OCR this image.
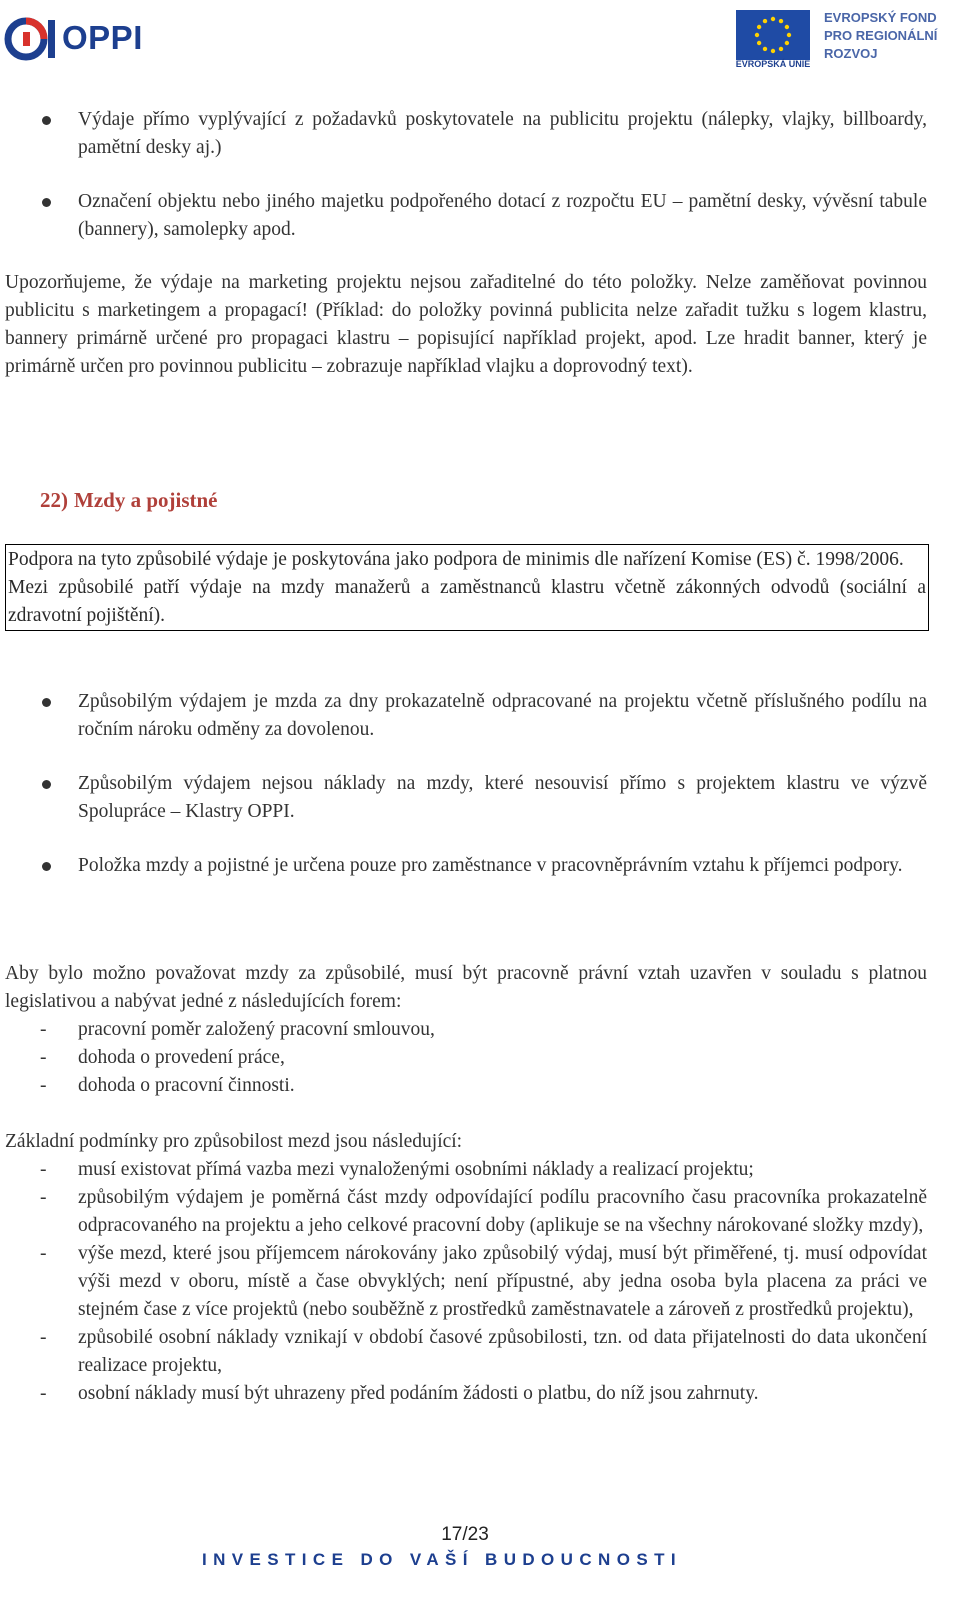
OPPI
EVROPSKÁ UNIE
EVROPSKÝ FOND
PRO REGIONÁLNÍ
ROZVOJ
Výdaje přímo vyplývající z požadavků poskytovatele na publicitu projektu (nálepky, vlajky, billboardy, pamětní desky aj.)
Označení objektu nebo jiného majetku podpořeného dotací z rozpočtu EU – pamětní desky, vývěsní tabule (bannery), samolepky apod.
Upozorňujeme, že výdaje na marketing projektu nejsou zařaditelné do této položky. Nelze zaměňovat povinnou publicitu s marketingem a propagací! (Příklad: do položky povinná publicita nelze zařadit tužku s logem klastru, bannery primárně určené pro propagaci klastru – popisující například projekt, apod. Lze hradit banner, který je primárně určen pro povinnou publicitu – zobrazuje například vlajku a doprovodný text).
22) Mzdy a pojistné

Podpora na tyto způsobilé výdaje je poskytována jako podpora de minimis dle nařízení Komise (ES) č. 1998/2006.

Mezi způsobilé patří výdaje na mzdy manažerů a zaměstnanců klastru včetně zákonných odvodů (sociální a zdravotní pojištění).

Způsobilým výdajem je mzda za dny prokazatelně odpracované na projektu včetně příslušného podílu na ročním nároku odměny za dovolenou.
Způsobilým výdajem nejsou náklady na mzdy, které nesouvisí přímo s projektem klastru ve výzvě Spolupráce – Klastry OPPI.
Položka mzdy a pojistné je určena pouze pro zaměstnance v pracovněprávním vztahu k příjemci podpory.
Aby bylo možno považovat mzdy za způsobilé, musí být pracovně právní vztah uzavřen v souladu s platnou legislativou a nabývat jedné z následujících forem:
- pracovní poměr založený pracovní smlouvou,
- dohoda o provedení práce,
- dohoda o pracovní činnosti.
Základní podmínky pro způsobilost mezd jsou následující:
- musí existovat přímá vazba mezi vynaloženými osobními náklady a realizací projektu;
- způsobilým výdajem je poměrná část mzdy odpovídající podílu pracovního času pracovníka prokazatelně odpracovaného na projektu a jeho celkové pracovní doby (aplikuje se na všechny nárokované složky mzdy),
- výše mezd, které jsou příjemcem nárokovány jako způsobilý výdaj, musí být přiměřené, tj. musí odpovídat výši mezd v oboru, místě a čase obvyklých; není přípustné, aby jedna osoba byla placena za práci ve stejném čase z více projektů (nebo souběžně z prostředků zaměstnavatele a zároveň z prostředků projektu),
- způsobilé osobní náklady vznikají v období časové způsobilosti, tzn. od data přijatelnosti do data ukončení realizace projektu,
- osobní náklady musí být uhrazeny před podáním žádosti o platbu, do níž jsou zahrnuty.
17/23
INVESTICE DO VAŠÍ BUDOUCNOSTI
